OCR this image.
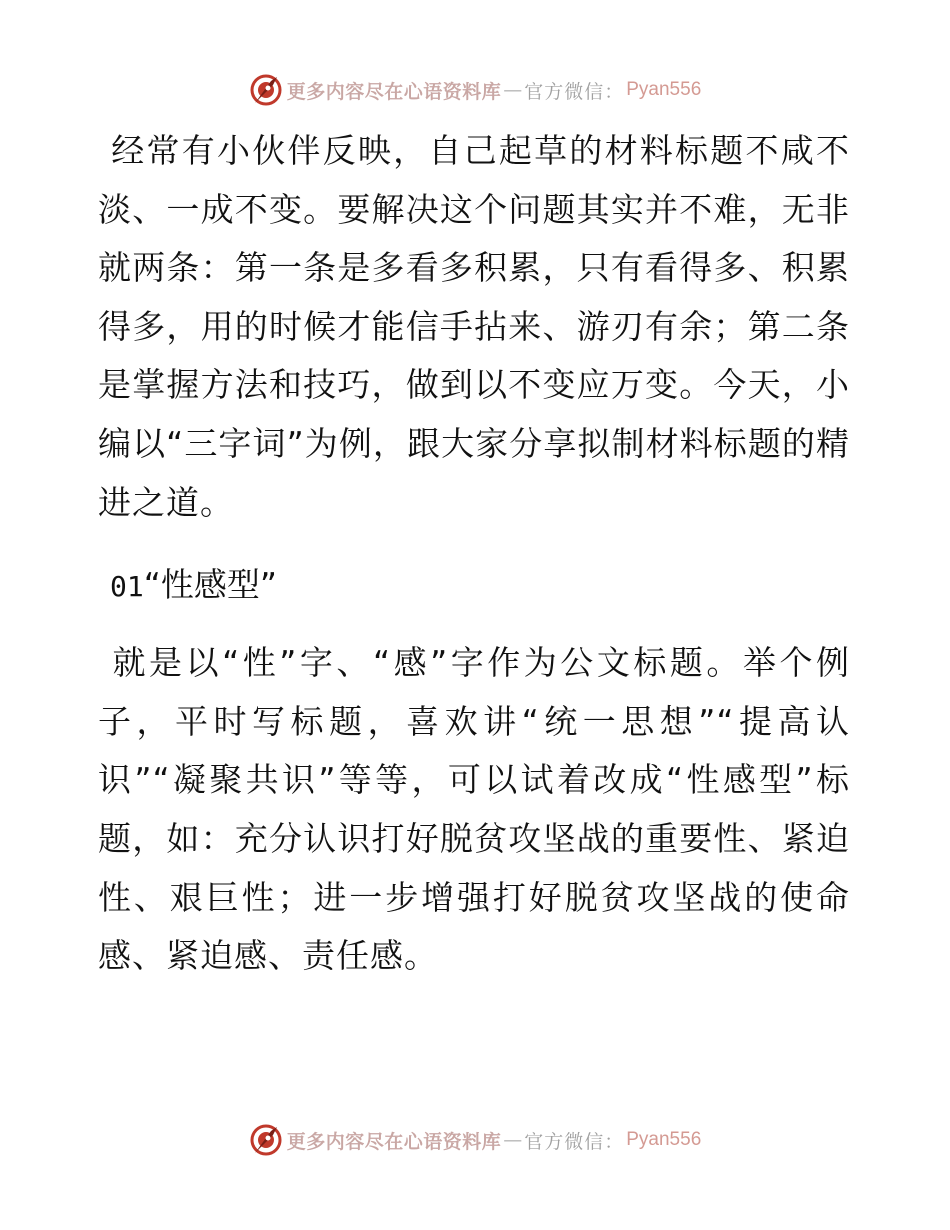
更多内容尽在心语资料库 — 官方微信： Pyan556

经常有小伙伴反映，自己起草的材料标题不咸不淡、一成不变。要解决这个问题其实并不难，无非就两条：第一条是多看多积累，只有看得多、积累得多，用的时候才能信手拈来、游刃有余；第二条是掌握方法和技巧，做到以不变应万变。今天，小编以“三字词”为例，跟大家分享拟制材料标题的精进之道。

01“性感型”

就是以“性”字、“感”字作为公文标题。举个例子，平时写标题，喜欢讲“统一思想”“提高认识”“凝聚共识”等等，可以试着改成“性感型”标题，如：充分认识打好脱贫攻坚战的重要性、紧迫性、艰巨性；进一步增强打好脱贫攻坚战的使命感、紧迫感、责任感。

更多内容尽在心语资料库 — 官方微信： Pyan556
